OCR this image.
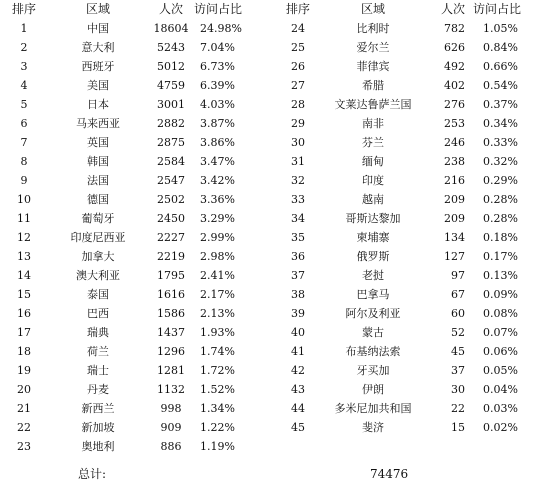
排序	区域	人次 访问占比
1	中国	18604	24.98%
2	意大利	5243	7.04%
3	西班牙	5012	6.73%
4	美国	4759	6.39%
5	日本	3001	4.03%
6	马来西亚	2882	3.87%
7	英国	2875	3.86%
8	韩国	2584	3.47%
9	法国	2547	3.42%
10	德国	2502	3.36%
11	葡萄牙	2450	3.29%
12	印度尼西亚	2227	2.99%
13	加拿大	2219	2.98%
14	澳大利亚	1795	2.41%
15	泰国	1616	2.17%
16	巴西	1586	2.13%
17	瑞典	1437	1.93%
18	荷兰	1296	1.74%
19	瑞士	1281	1.72%
20	丹麦	1132	1.52%
21	新西兰	998	1.34%
22	新加坡	909	1.22%
23	奥地利	886	1.19%
排序	区域	人次 访问占比
24	比利时	782	1.05%
25	爱尔兰	626	0.84%
26	菲律宾	492	0.66%
27	希腊	402	0.54%
28	文莱达鲁萨兰国	276	0.37%
29	南非	253	0.34%
30	芬兰	246	0.33%
31	缅甸	238	0.32%
32	印度	216	0.29%
33	越南	209	0.28%
34	哥斯达黎加	209	0.28%
35	柬埔寨	134	0.18%
36	俄罗斯	127	0.17%
37	老挝	97	0.13%
38	巴拿马	67	0.09%
39	阿尔及利亚	60	0.08%
40	蒙古	52	0.07%
41	布基纳法索	45	0.06%
42	牙买加	37	0.05%
43	伊朗	30	0.04%
44	多米尼加共和国	22	0.03%
45	斐济	15	0.02%
总计:	74476
